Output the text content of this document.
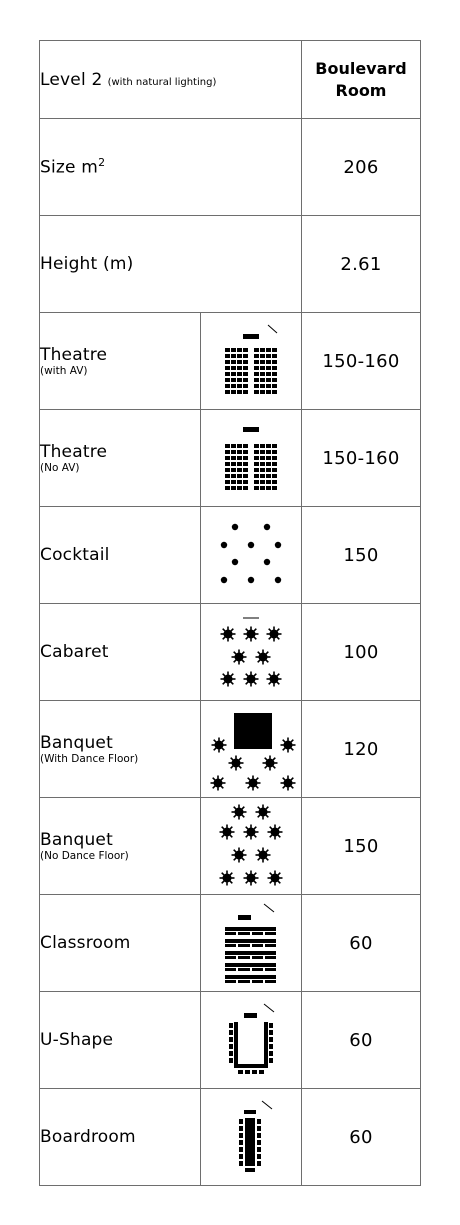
Level 2 (with natural lighting)		Boulevard
Room
Size $m^2$		206
Height (m)		2.61
Theatre
(with AV)		150-160
Theatre
(No AV)		150-160
Cocktail		150
Cabaret		100
Banquet
(With Dance Floor)		120
Banquet
(No Dance Floor)		150
Classroom		60
U-Shape		60
Boardroom		60
